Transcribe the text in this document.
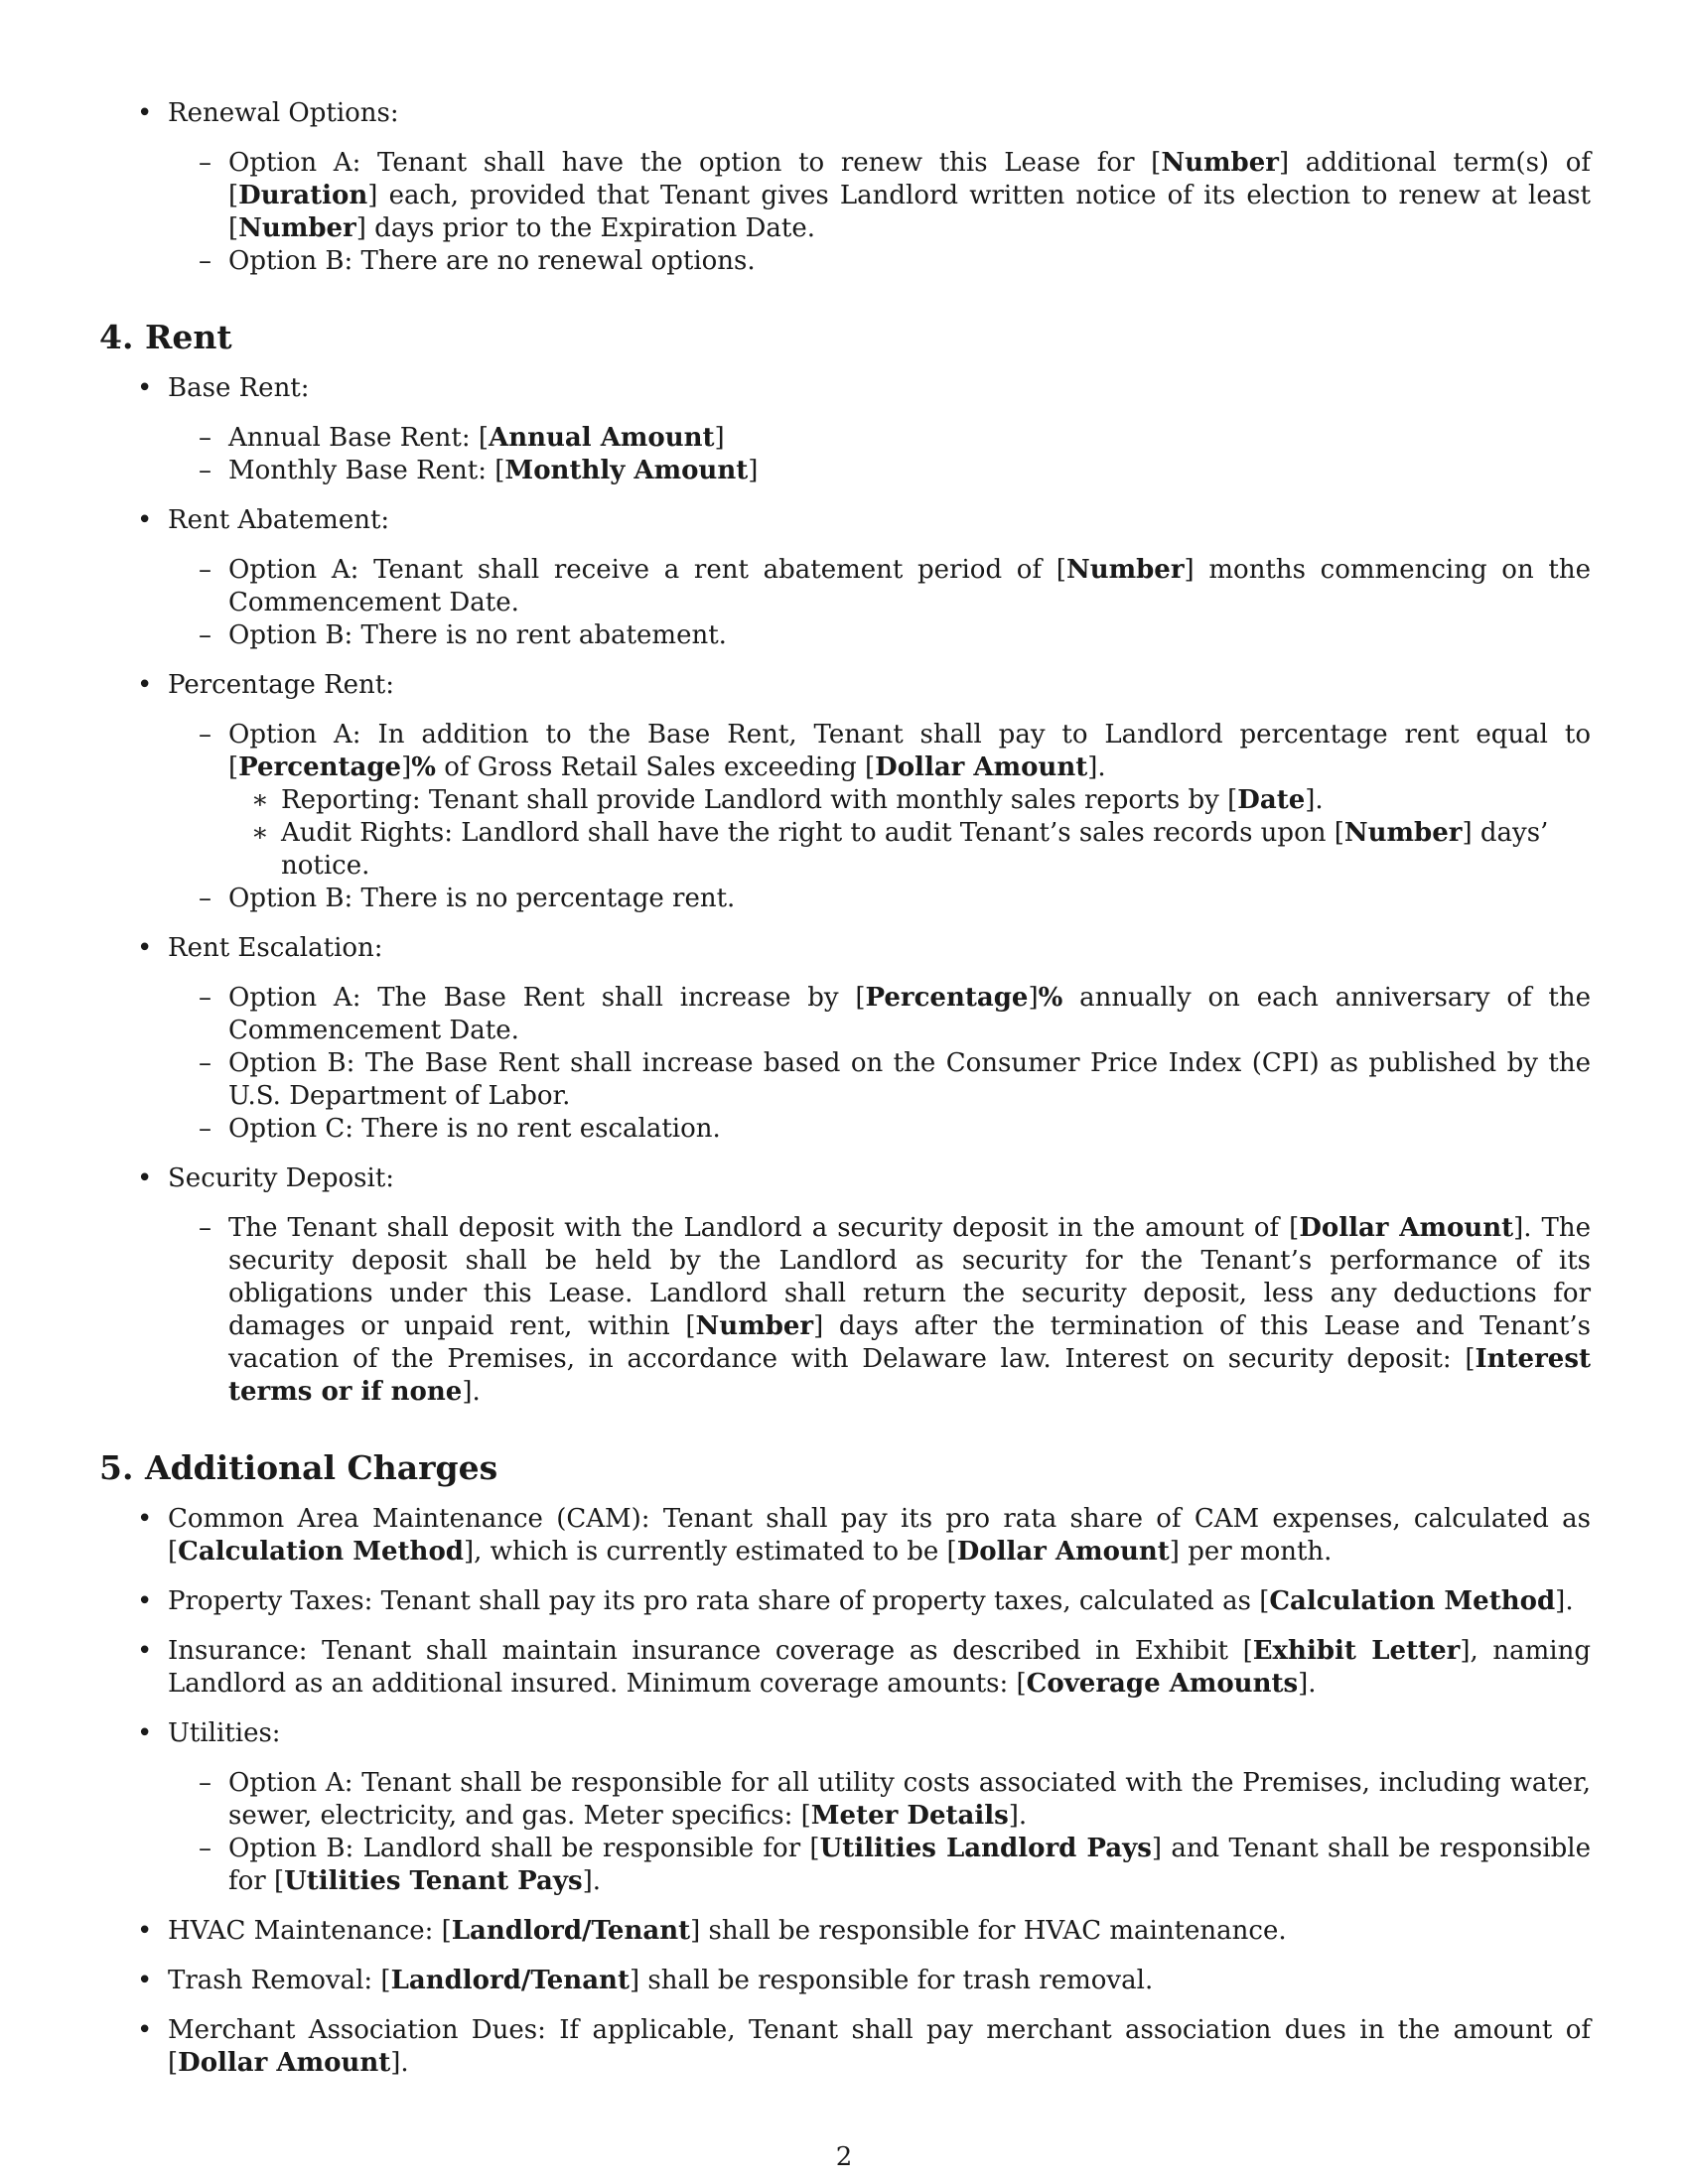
• Renewal Options:
– Option A: Tenant shall have the option to renew this Lease for [Number] additional term(s) of [Duration] each, provided that Tenant gives Landlord written notice of its election to renew at least [Number] days prior to the Expiration Date.
– Option B: There are no renewal options.
4. Rent
• Base Rent:
– Annual Base Rent: [Annual Amount]
– Monthly Base Rent: [Monthly Amount]
• Rent Abatement:
– Option A: Tenant shall receive a rent abatement period of [Number] months commencing on the Commencement Date.
– Option B: There is no rent abatement.
• Percentage Rent:
– Option A: In addition to the Base Rent, Tenant shall pay to Landlord percentage rent equal to [Percentage]% of Gross Retail Sales exceeding [Dollar Amount].
∗ Reporting: Tenant shall provide Landlord with monthly sales reports by [Date].
∗ Audit Rights: Landlord shall have the right to audit Tenant’s sales records upon [Number] days’ notice.
– Option B: There is no percentage rent.
• Rent Escalation:
– Option A: The Base Rent shall increase by [Percentage]% annually on each anniversary of the Commencement Date.
– Option B: The Base Rent shall increase based on the Consumer Price Index (CPI) as published by the U.S. Department of Labor.
– Option C: There is no rent escalation.
• Security Deposit:
– The Tenant shall deposit with the Landlord a security deposit in the amount of [Dollar Amount]. The security deposit shall be held by the Landlord as security for the Tenant’s performance of its obligations under this Lease. Landlord shall return the security deposit, less any deductions for damages or unpaid rent, within [Number] days after the termination of this Lease and Tenant’s vacation of the Premises, in accordance with Delaware law. Interest on security deposit: [Interest terms or if none].
5. Additional Charges
• Common Area Maintenance (CAM): Tenant shall pay its pro rata share of CAM expenses, calculated as [Calculation Method], which is currently estimated to be [Dollar Amount] per month.
• Property Taxes: Tenant shall pay its pro rata share of property taxes, calculated as [Calculation Method].
• Insurance: Tenant shall maintain insurance coverage as described in Exhibit [Exhibit Letter], naming Landlord as an additional insured. Minimum coverage amounts: [Coverage Amounts].
• Utilities:
– Option A: Tenant shall be responsible for all utility costs associated with the Premises, including water, sewer, electricity, and gas. Meter specifics: [Meter Details].
– Option B: Landlord shall be responsible for [Utilities Landlord Pays] and Tenant shall be responsible for [Utilities Tenant Pays].
• HVAC Maintenance: [Landlord/Tenant] shall be responsible for HVAC maintenance.
• Trash Removal: [Landlord/Tenant] shall be responsible for trash removal.
• Merchant Association Dues: If applicable, Tenant shall pay merchant association dues in the amount of [Dollar Amount].
2
